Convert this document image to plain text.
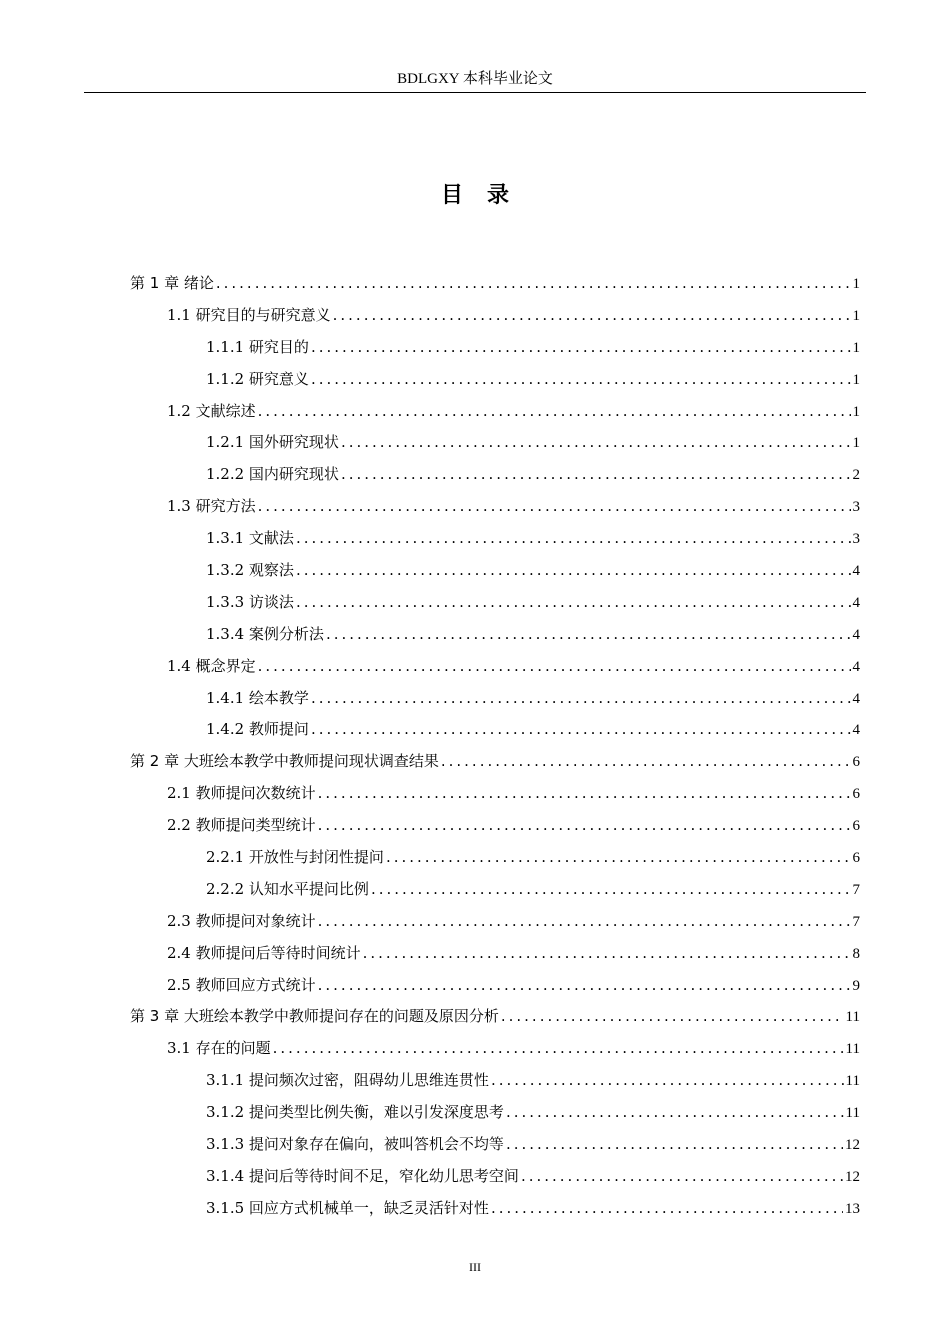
BDLGXY 本科毕业论文
目录
第 1 章 绪论 .....	1
1.1 研究目的与研究意义 .....	1
1.1.1 研究目的 .....	1
1.1.2 研究意义 .....	1
1.2 文献综述 .....	1
1.2.1 国外研究现状 .....	1
1.2.2 国内研究现状 .....	2
1.3 研究方法 .....	3
1.3.1 文献法 .....	3
1.3.2 观察法 .....	4
1.3.3 访谈法 .....	4
1.3.4 案例分析法 .....	4
1.4 概念界定 .....	4
1.4.1 绘本教学 .....	4
1.4.2 教师提问 .....	4
第 2 章 大班绘本教学中教师提问现状调查结果 .....	6
2.1 教师提问次数统计 .....	6
2.2 教师提问类型统计 .....	6
2.2.1 开放性与封闭性提问 .....	6
2.2.2 认知水平提问比例 .....	7
2.3 教师提问对象统计 .....	7
2.4 教师提问后等待时间统计 .....	8
2.5 教师回应方式统计 .....	9
第 3 章 大班绘本教学中教师提问存在的问题及原因分析 .....	11
3.1 存在的问题 .....	11
3.1.1 提问频次过密，阻碍幼儿思维连贯性 .....	11
3.1.2 提问类型比例失衡，难以引发深度思考 .....	11
3.1.3 提问对象存在偏向，被叫答机会不均等 .....	12
3.1.4 提问后等待时间不足，窄化幼儿思考空间 .....	12
3.1.5 回应方式机械单一，缺乏灵活针对性 .....	13
III
